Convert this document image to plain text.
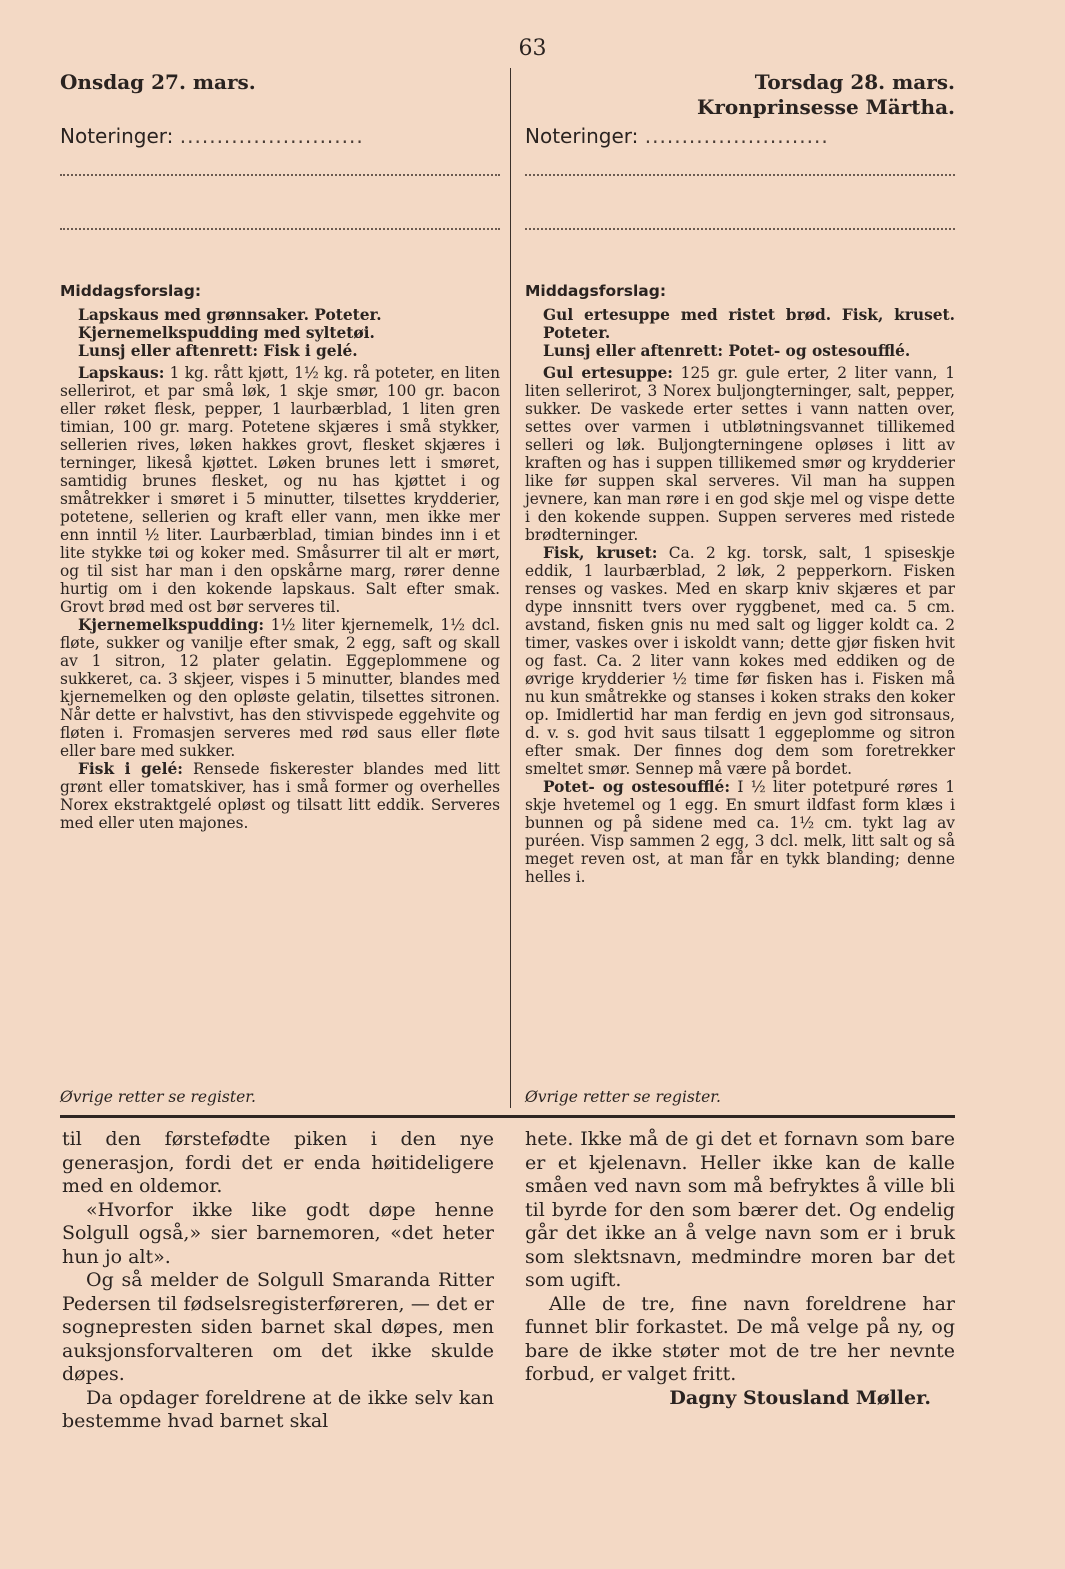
63
Onsdag 27. mars.
Noteringer: .........................
Middagsforslag:

Lapskaus med grønnsaker. Poteter.

Kjernemelkspudding med syltetøi.

Lunsj eller aftenrett: Fisk i gelé.

Lapskaus: 1 kg. rått kjøtt, 1½ kg. rå poteter, en liten sellerirot, et par små løk, 1 skje smør, 100 gr. bacon eller røket flesk, pepper, 1 laurbærblad, 1 liten gren timian, 100 gr. marg. Potetene skjæres i små stykker, sellerien rives, løken hakkes grovt, flesket skjæres i terninger, likeså kjøttet. Løken brunes lett i smøret, samtidig brunes flesket, og nu has kjøttet i og småtrekker i smøret i 5 minutter, tilsettes krydderier, potetene, sellerien og kraft eller vann, men ikke mer enn inntil ½ liter. Laurbærblad, timian bindes inn i et lite stykke tøi og koker med. Småsurrer til alt er mørt, og til sist har man i den opskårne marg, rører denne hurtig om i den kokende lapskaus. Salt efter smak. Grovt brød med ost bør serveres til.

Kjernemelkspudding: 1½ liter kjernemelk, 1½ dcl. fløte, sukker og vanilje efter smak, 2 egg, saft og skall av 1 sitron, 12 plater gelatin. Eggeplommene og sukkeret, ca. 3 skjeer, vispes i 5 minutter, blandes med kjernemelken og den opløste gelatin, tilsettes sitronen. Når dette er halvstivt, has den stivvispede eggehvite og fløten i. Fromasjen serveres med rød saus eller fløte eller bare med sukker.

Fisk i gelé: Rensede fiskerester blandes med litt grønt eller tomatskiver, has i små former og overhelles Norex ekstraktgelé opløst og tilsatt litt eddik. Serveres med eller uten majones.

Øvrige retter se register.
Torsdag 28. mars.
Kronprinsesse Märtha.
Noteringer: .........................
Middagsforslag:

Gul ertesuppe med ristet brød. Fisk, kruset. Poteter.

Lunsj eller aftenrett: Potet- og ostesoufflé.

Gul ertesuppe: 125 gr. gule erter, 2 liter vann, 1 liten sellerirot, 3 Norex buljongterninger, salt, pepper, sukker. De vaskede erter settes i vann natten over, settes over varmen i utbløtningsvannet tillikemed selleri og løk. Buljongterningene opløses i litt av kraften og has i suppen tillikemed smør og krydderier like før suppen skal serveres. Vil man ha suppen jevnere, kan man røre i en god skje mel og vispe dette i den kokende suppen. Suppen serveres med ristede brødterninger.

Fisk, kruset: Ca. 2 kg. torsk, salt, 1 spiseskje eddik, 1 laurbærblad, 2 løk, 2 pepperkorn. Fisken renses og vaskes. Med en skarp kniv skjæres et par dype innsnitt tvers over ryggbenet, med ca. 5 cm. avstand, fisken gnis nu med salt og ligger koldt ca. 2 timer, vaskes over i iskoldt vann; dette gjør fisken hvit og fast. Ca. 2 liter vann kokes med eddiken og de øvrige krydderier ½ time før fisken has i. Fisken må nu kun småtrekke og stanses i koken straks den koker op. Imidlertid har man ferdig en jevn god sitronsaus, d. v. s. god hvit saus tilsatt 1 eggeplomme og sitron efter smak. Der finnes dog dem som foretrekker smeltet smør. Sennep må være på bordet.

Potet- og ostesoufflé: I ½ liter potetpuré røres 1 skje hvetemel og 1 egg. En smurt ildfast form klæs i bunnen og på sidene med ca. 1½ cm. tykt lag av puréen. Visp sammen 2 egg, 3 dcl. melk, litt salt og så meget reven ost, at man får en tykk blanding; denne helles i.

Øvrige retter se register.

til den førstefødte piken i den nye generasjon, fordi det er enda høitideligere med en oldemor.

«Hvorfor ikke like godt døpe henne Solgull også,» sier barnemoren, «det heter hun jo alt».

Og så melder de Solgull Smaranda Ritter Pedersen til fødselsregisterføreren, — det er sognepresten siden barnet skal døpes, men auksjonsforvalteren om det ikke skulde døpes.

Da opdager foreldrene at de ikke selv kan bestemme hvad barnet skal

hete. Ikke må de gi det et fornavn som bare er et kjelenavn. Heller ikke kan de kalle småen ved navn som må befryktes å ville bli til byrde for den som bærer det. Og endelig går det ikke an å velge navn som er i bruk som slektsnavn, medmindre moren bar det som ugift.

Alle de tre, fine navn foreldrene har funnet blir forkastet. De må velge på ny, og bare de ikke støter mot de tre her nevnte forbud, er valget fritt.

Dagny Stousland Møller.
